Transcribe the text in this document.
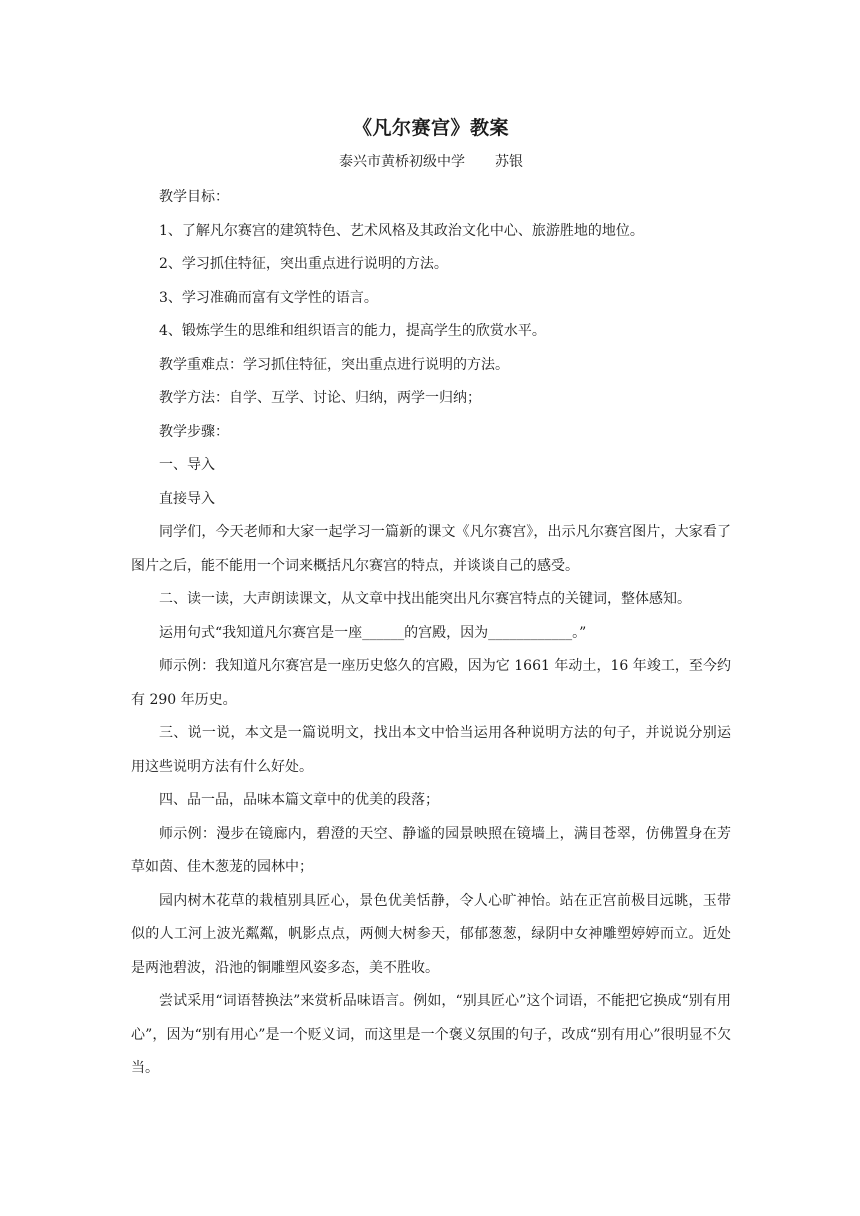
《凡尔赛宫》教案

泰兴市黄桥初级中学 苏银

教学目标：

1、了解凡尔赛宫的建筑特色、艺术风格及其政治文化中心、旅游胜地的地位。

2、学习抓住特征，突出重点进行说明的方法。

3、学习准确而富有文学性的语言。

4、锻炼学生的思维和组织语言的能力，提高学生的欣赏水平。

教学重难点：学习抓住特征，突出重点进行说明的方法。

教学方法：自学、互学、讨论、归纳，两学一归纳；

教学步骤：

一、导入

直接导入

同学们，今天老师和大家一起学习一篇新的课文《凡尔赛宫》，出示凡尔赛宫图片，大家看了图片之后，能不能用一个词来概括凡尔赛宫的特点，并谈谈自己的感受。

二、读一读，大声朗读课文，从文章中找出能突出凡尔赛宫特点的关键词，整体感知。

运用句式“我知道凡尔赛宫是一座______的宫殿，因为____________。”

师示例：我知道凡尔赛宫是一座历史悠久的宫殿，因为它 1661 年动土，16 年竣工，至今约有 290 年历史。

三、说一说，本文是一篇说明文，找出本文中恰当运用各种说明方法的句子，并说说分别运用这些说明方法有什么好处。

四、品一品，品味本篇文章中的优美的段落；

师示例：漫步在镜廊内，碧澄的天空、静谧的园景映照在镜墙上，满目苍翠，仿佛置身在芳草如茵、佳木葱茏的园林中；

园内树木花草的栽植别具匠心，景色优美恬静，令人心旷神怡。站在正宫前极目远眺，玉带似的人工河上波光粼粼，帆影点点，两侧大树参天，郁郁葱葱，绿阴中女神雕塑婷婷而立。近处是两池碧波，沿池的铜雕塑风姿多态，美不胜收。

尝试采用“词语替换法”来赏析品味语言。例如，“别具匠心”这个词语，不能把它换成“别有用心”，因为“别有用心”是一个贬义词，而这里是一个褒义氛围的句子，改成“别有用心”很明显不欠当。
